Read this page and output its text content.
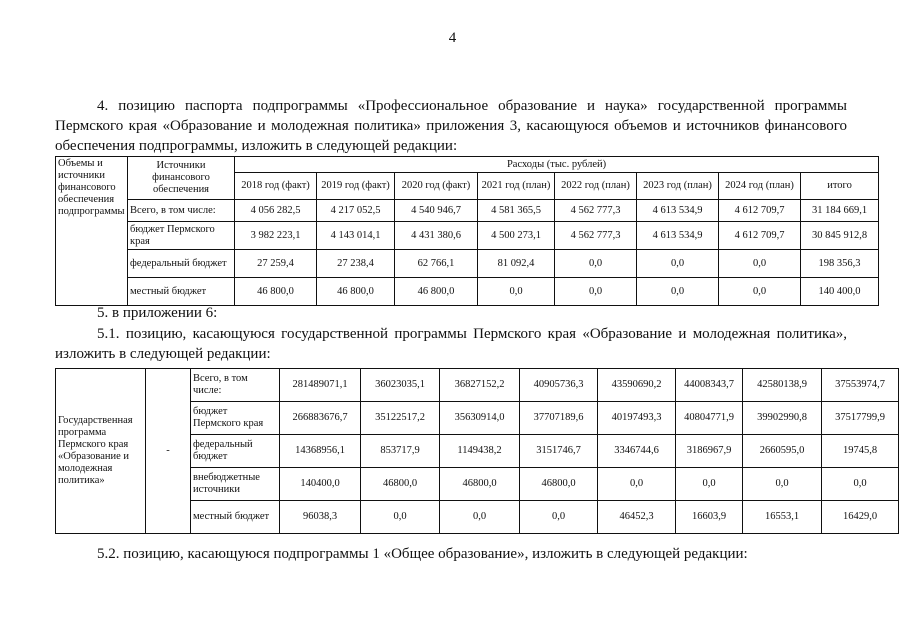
4
4. позицию паспорта подпрограммы «Профессиональное образование и наука» государственной программы Пермского края «Образование и молодежная политика» приложения 3, касающуюся объемов и источников финансового обеспечения подпрограммы, изложить в следующей редакции:
Объемы и источники финансового обеспечения подпрограммы	Источники финансового обеспечения	Расходы (тыс. рублей)							
		2018 год (факт)	2019 год (факт)	2020 год (факт)	2021 год (план)	2022 год (план)	2023 год (план)	2024 год (план)	итого
	Всего, в том числе:	4 056 282,5	4 217 052,5	4 540 946,7	4 581 365,5	4 562 777,3	4 613 534,9	4 612 709,7	31 184 669,1
	бюджет Пермского края	3 982 223,1	4 143 014,1	4 431 380,6	4 500 273,1	4 562 777,3	4 613 534,9	4 612 709,7	30 845 912,8
	федеральный бюджет	27 259,4	27 238,4	62 766,1	81 092,4	0,0	0,0	0,0	198 356,3
	местный бюджет	46 800,0	46 800,0	46 800,0	0,0	0,0	0,0	0,0	140 400,0
5. в приложении 6:
5.1. позицию, касающуюся государственной программы Пермского края «Образование и молодежная политика», изложить в следующей редакции:
Государственная программа Пермского края «Образование и молодежная политика»	-	Всего, в том числе:	281489071,1	36023035,1	36827152,2	40905736,3	43590690,2	44008343,7	42580138,9	37553974,7
		бюджет Пермского края	266883676,7	35122517,2	35630914,0	37707189,6	40197493,3	40804771,9	39902990,8	37517799,9
		федеральный бюджет	14368956,1	853717,9	1149438,2	3151746,7	3346744,6	3186967,9	2660595,0	19745,8
		внебюджетные источники	140400,0	46800,0	46800,0	46800,0	0,0	0,0	0,0	0,0
		местный бюджет	96038,3	0,0	0,0	0,0	46452,3	16603,9	16553,1	16429,0
5.2. позицию, касающуюся подпрограммы 1 «Общее образование», изложить в следующей редакции:
